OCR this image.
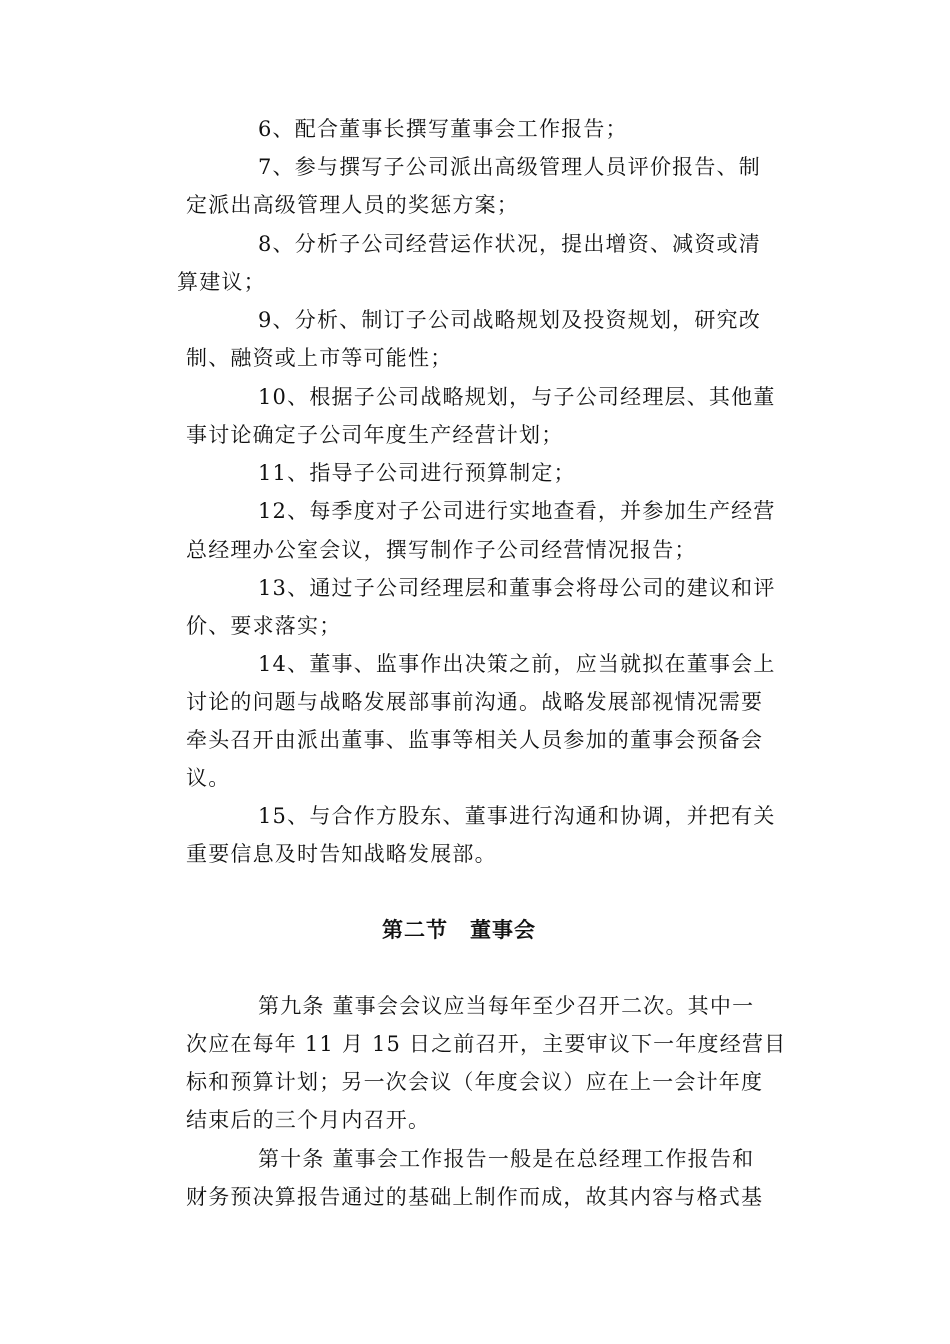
6、配合董事长撰写董事会工作报告；
7、参与撰写子公司派出高级管理人员评价报告、制
定派出高级管理人员的奖惩方案；
8、分析子公司经营运作状况，提出增资、减资或清
算建议；
9、分析、制订子公司战略规划及投资规划，研究改
制、融资或上市等可能性；
10、根据子公司战略规划，与子公司经理层、其他董
事讨论确定子公司年度生产经营计划；
11、指导子公司进行预算制定；
12、每季度对子公司进行实地查看，并参加生产经营
总经理办公室会议，撰写制作子公司经营情况报告；
13、通过子公司经理层和董事会将母公司的建议和评
价、要求落实；
14、董事、监事作出决策之前，应当就拟在董事会上
讨论的问题与战略发展部事前沟通。战略发展部视情况需要
牵头召开由派出董事、监事等相关人员参加的董事会预备会
议。
15、与合作方股东、董事进行沟通和协调，并把有关
重要信息及时告知战略发展部。
第二节　董事会
第九条 董事会会议应当每年至少召开二次。其中一
次应在每年 11 月 15 日之前召开，主要审议下一年度经营目
标和预算计划；另一次会议（年度会议）应在上一会计年度
结束后的三个月内召开。
第十条 董事会工作报告一般是在总经理工作报告和
财务预决算报告通过的基础上制作而成，故其内容与格式基
